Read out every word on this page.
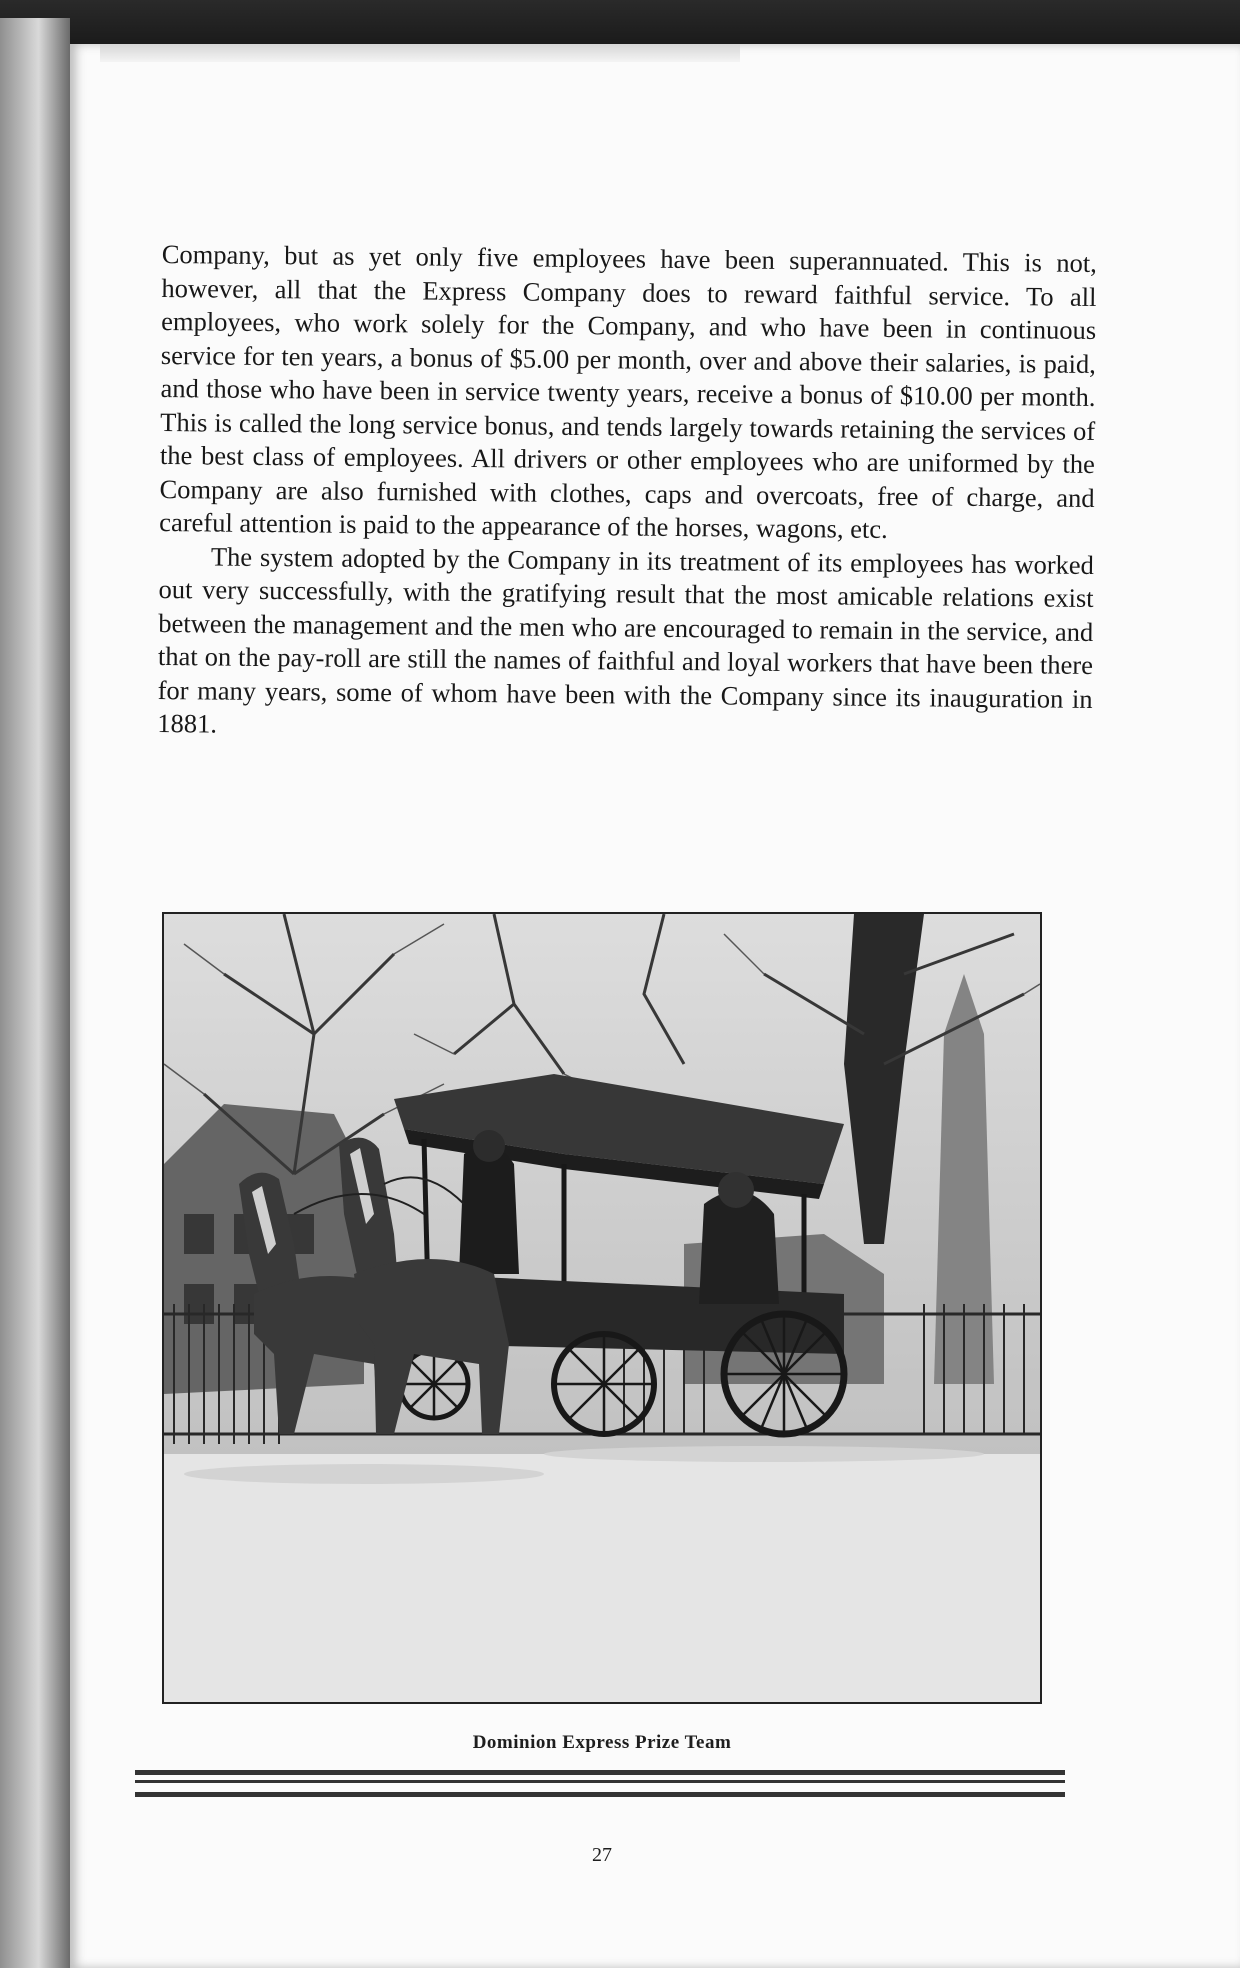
Company, but as yet only five employees have been superannuated. This is not, however, all that the Express Company does to reward faithful service. To all employees, who work solely for the Company, and who have been in continuous service for ten years, a bonus of $5.00 per month, over and above their salaries, is paid, and those who have been in service twenty years, receive a bonus of $10.00 per month. This is called the long service bonus, and tends largely towards retaining the services of the best class of employees. All drivers or other employees who are uniformed by the Company are also furnished with clothes, caps and overcoats, free of charge, and careful attention is paid to the appearance of the horses, wagons, etc.

The system adopted by the Company in its treatment of its employees has worked out very successfully, with the gratifying result that the most amicable relations exist between the management and the men who are encouraged to remain in the service, and that on the pay-roll are still the names of faithful and loyal workers that have been there for many years, some of whom have been with the Company since its inauguration in 1881.

Dominion Express Prize Team
27
